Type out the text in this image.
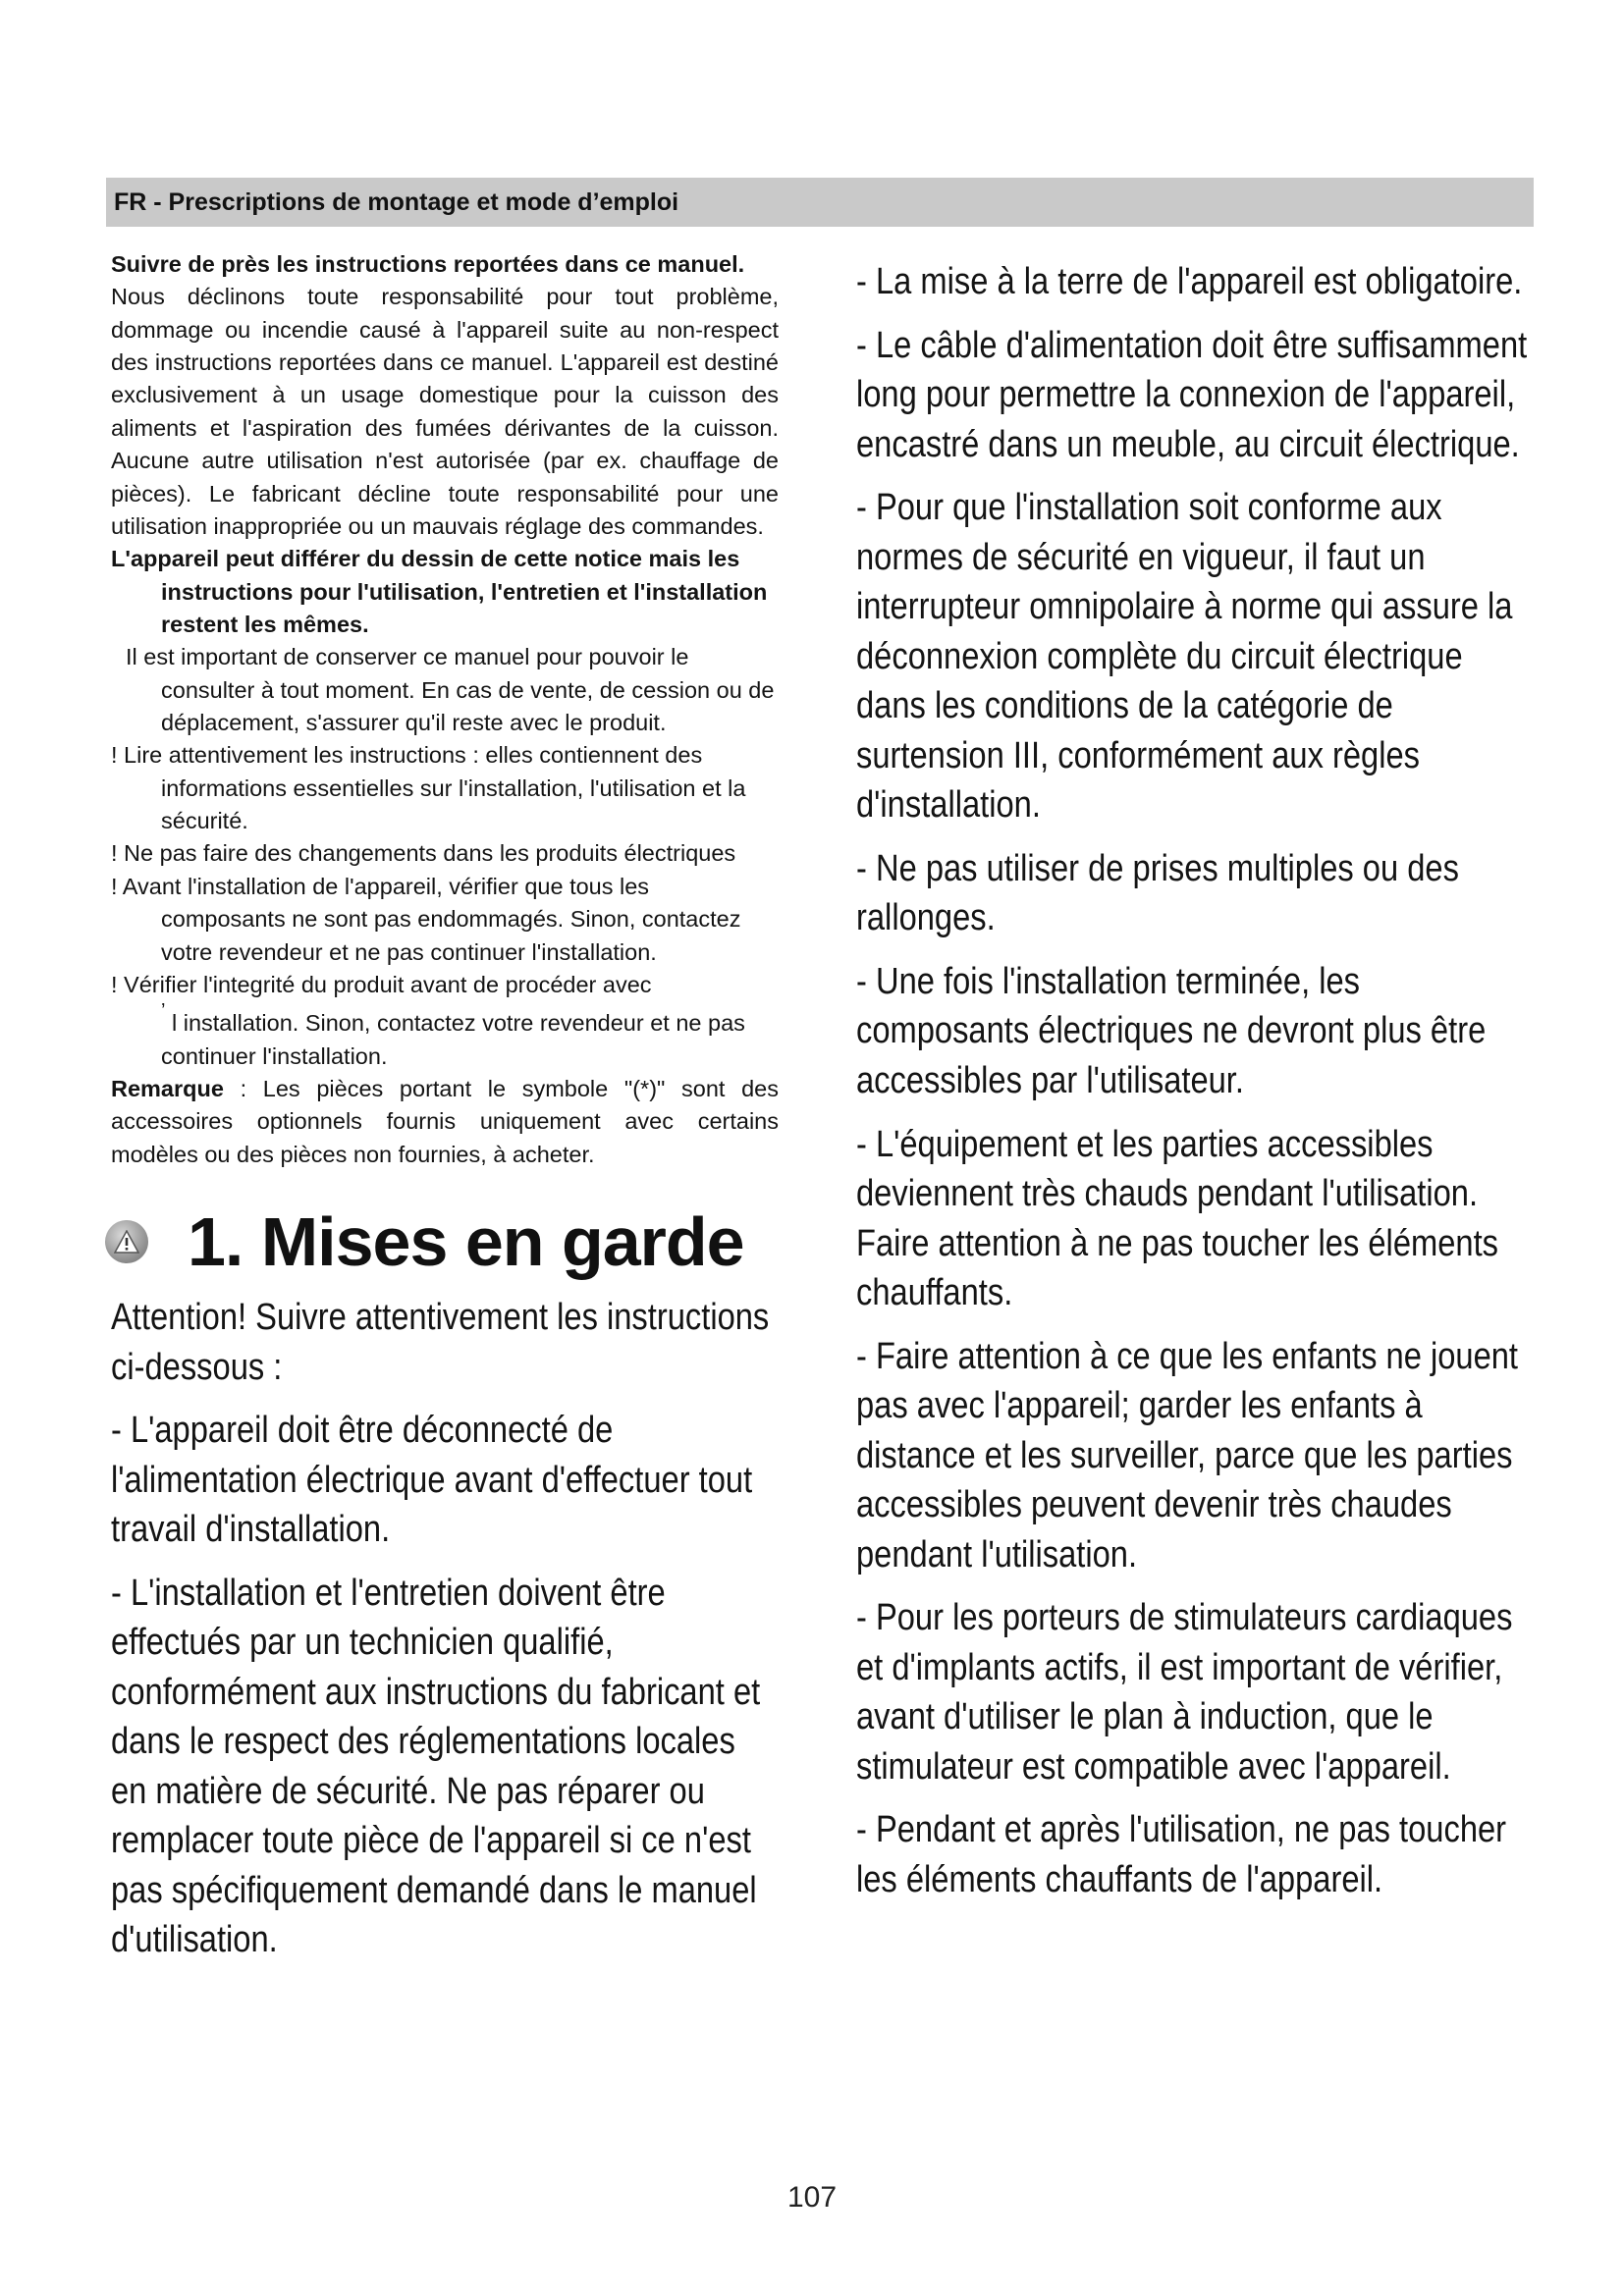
FR - Prescriptions de montage et mode d’emploi

Suivre de près les instructions reportées dans ce manuel.

Nous déclinons toute responsabilité pour tout problème, dommage ou incendie causé à l'appareil suite au non-respect des instructions reportées dans ce manuel. L'appareil est destiné exclusivement à un usage domestique pour la cuisson des aliments et l'aspiration des fumées dérivantes de la cuisson. Aucune autre utilisation n'est autorisée (par ex. chauffage de pièces). Le fabricant décline toute responsabilité pour une utilisation inappropriée ou un mauvais réglage des commandes.

L'appareil peut différer du dessin de cette notice mais les instructions pour l'utilisation, l'entretien et l'installation restent les mêmes.

Il est important de conserver ce manuel pour pouvoir le consulter à tout moment. En cas de vente, de cession ou de déplacement, s'assurer qu'il reste avec le produit.

! Lire attentivement les instructions : elles contiennent des informations essentielles sur l'installation, l'utilisation et la sécurité.

! Ne pas faire des changements dans les produits électriques

! Avant l'installation de l'appareil, vérifier que tous les composants ne sont pas endommagés. Sinon, contactez votre revendeur et ne pas continuer l'installation.

! Vérifier l'integrité du produit avant de procéder avec
’ l installation. Sinon, contactez votre revendeur et ne pas continuer l'installation.

Remarque : Les pièces portant le symbole "(*)" sont des accessoires optionnels fournis uniquement avec certains modèles ou des pièces non fournies, à acheter.

1. Mises en garde

Attention! Suivre attentivement les instructions ci-dessous :

- L'appareil doit être déconnecté de l'alimentation électrique avant d'effectuer tout travail d'installation.

- L'installation et l'entretien doivent être effectués par un technicien qualifié, conformément aux instructions du fabricant et dans le respect des réglementations locales en matière de sécurité. Ne pas réparer ou remplacer toute pièce de l'appareil si ce n'est pas spécifiquement demandé dans le manuel d'utilisation.

- La mise à la terre de l'appareil est obligatoire.

- Le câble d'alimentation doit être suffisamment long pour permettre la connexion de l'appareil, encastré dans un meuble, au circuit électrique.

- Pour que l'installation soit conforme aux normes de sécurité en vigueur, il faut un interrupteur omnipolaire à norme qui assure la déconnexion complète du circuit électrique dans les conditions de la catégorie de surtension III, conformément aux règles d'installation.

- Ne pas utiliser de prises multiples ou des rallonges.

- Une fois l'installation terminée, les composants électriques ne devront plus être accessibles par l'utilisateur.

- L'équipement et les parties accessibles deviennent très chauds pendant l'utilisation. Faire attention à ne pas toucher les éléments chauffants.

- Faire attention à ce que les enfants ne jouent pas avec l'appareil; garder les enfants à distance et les surveiller, parce que les parties accessibles peuvent devenir très chaudes pendant l'utilisation.

- Pour les porteurs de stimulateurs cardiaques et d'implants actifs, il est important de vérifier, avant d'utiliser le plan à induction, que le stimulateur est compatible avec l'appareil.

- Pendant et après l'utilisation, ne pas toucher les éléments chauffants de l'appareil.

107
